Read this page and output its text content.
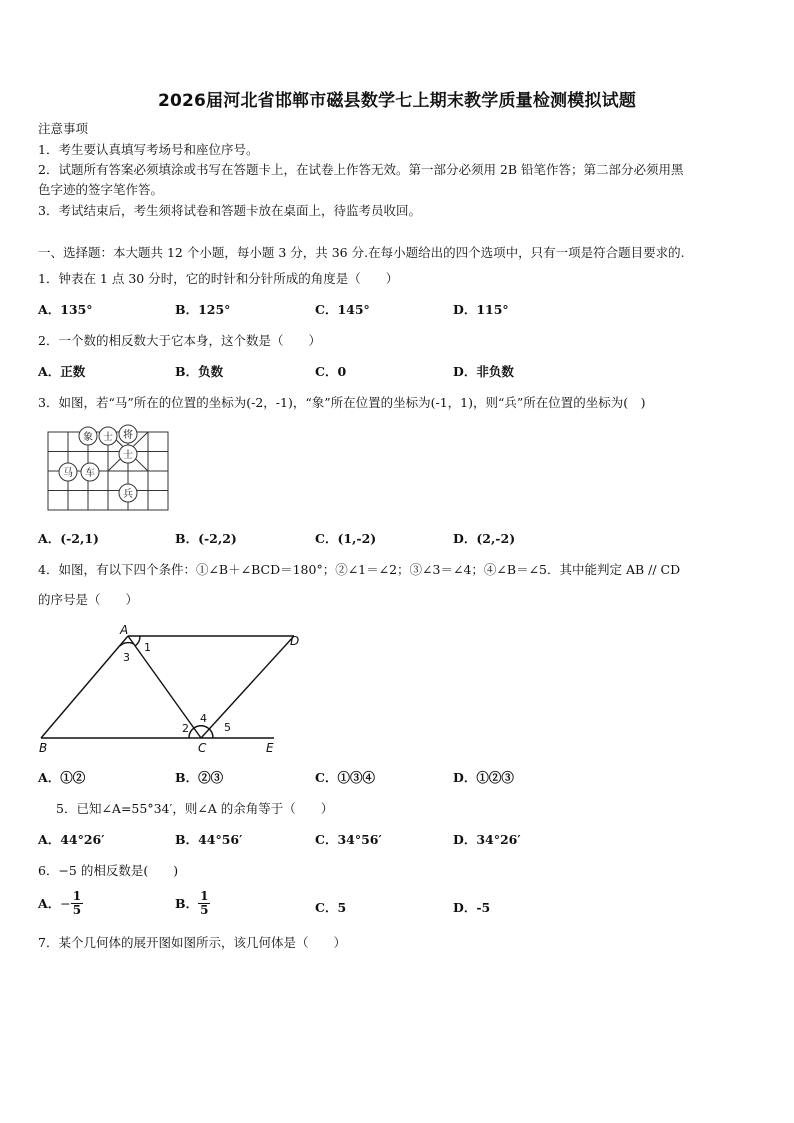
2026届河北省邯郸市磁县数学七上期末教学质量检测模拟试题
注意事项
1．考生要认真填写考场号和座位序号。
2．试题所有答案必须填涂或书写在答题卡上，在试卷上作答无效。第一部分必须用 2B 铅笔作答；第二部分必须用黑
色字迹的签字笔作答。
3．考试结束后，考生须将试卷和答题卡放在桌面上，待监考员收回。
一、选择题：本大题共 12 个小题，每小题 3 分，共 36 分.在每小题给出的四个选项中，只有一项是符合题目要求的.
1．钟表在 1 点 30 分时，它的时针和分针所成的角度是（　　）
A．135°	B．125°	C．145°	D．115°
2．一个数的相反数大于它本身，这个数是（　　）
A．正数	B．负数	C．0	D．非负数
3．如图，若“马”所在的位置的坐标为(-2，-1)，“象”所在位置的坐标为(-1，1)，则“兵”所在位置的坐标为(　)
象 士 将
士
马 车
兵
A．(-2,1)	B．(-2,2)	C．(1,-2)	D．(2,-2)
4．如图，有以下四个条件：①∠B＋∠BCD＝180°；②∠1＝∠2；③∠3＝∠4；④∠B＝∠5．其中能判定 AB // CD
的序号是（　　）
A
D
B	C	E
1
2
3
4
5
A．①②	B．②③	C．①③④	D．①②③
5．已知∠A=55°34′，则∠A 的余角等于（　　）
A．44°26′	B．44°56′	C．34°56′	D．34°26′
6．−5 的相反数是(　　)
A．− $\frac{1}{5}$	B． $\frac{1}{5}$	C．5	D．-5
7．某个几何体的展开图如图所示，该几何体是（　　）
